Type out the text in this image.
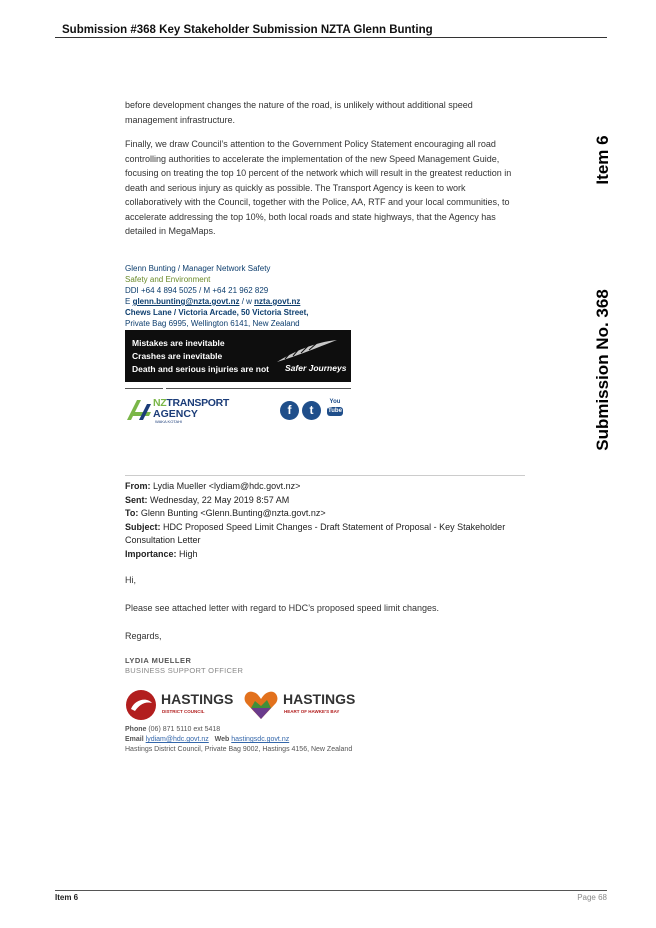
Submission #368 Key Stakeholder Submission NZTA Glenn Bunting
Item 6
Submission No. 368

before development changes the nature of the road, is unlikely without additional speed management infrastructure.

Finally, we draw Council’s attention to the Government Policy Statement encouraging all road controlling authorities to accelerate the implementation of the new Speed Management Guide, focusing on treating the top 10 percent of the network which will result in the greatest reduction in death and serious injury as quickly as possible. The Transport Agency is keen to work collaboratively with the Council, together with the Police, AA, RTF and your local communities, to accelerate addressing the top 10%, both local roads and state highways, that the Agency has detailed in MegaMaps.

Glenn Bunting / Manager Network Safety
Safety and Environment
DDI +64 4 894 5025 / M +64 21 962 829
E glenn.bunting@nzta.govt.nz / w nzta.govt.nz
Chews Lane / Victoria Arcade, 50 Victoria Street,
Private Bag 6995, Wellington 6141, New Zealand
Mistakes are inevitable
Crashes are inevitable
Death and serious injuries are not Safer Journeys
NZTRANSPORT
AGENCY
WAKA KOTAHI
f	t
You
Tube
From: Lydia Mueller <lydiam@hdc.govt.nz>
Sent: Wednesday, 22 May 2019 8:57 AM
To: Glenn Bunting <Glenn.Bunting@nzta.govt.nz>
Subject: HDC Proposed Speed Limit Changes - Draft Statement of Proposal - Key Stakeholder Consultation Letter
Importance: High
Hi,
Please see attached letter with regard to HDC’s proposed speed limit changes.
Regards,
LYDIA MUELLER
BUSINESS SUPPORT OFFICER
HASTINGS
DISTRICT COUNCIL
HASTINGS
HEART OF HAWKE'S BAY
Phone (06) 871 5110 ext 5418
Email lydiam@hdc.govt.nz Web hastingsdc.govt.nz
Hastings District Council, Private Bag 9002, Hastings 4156, New Zealand
Item 6	Page 68
